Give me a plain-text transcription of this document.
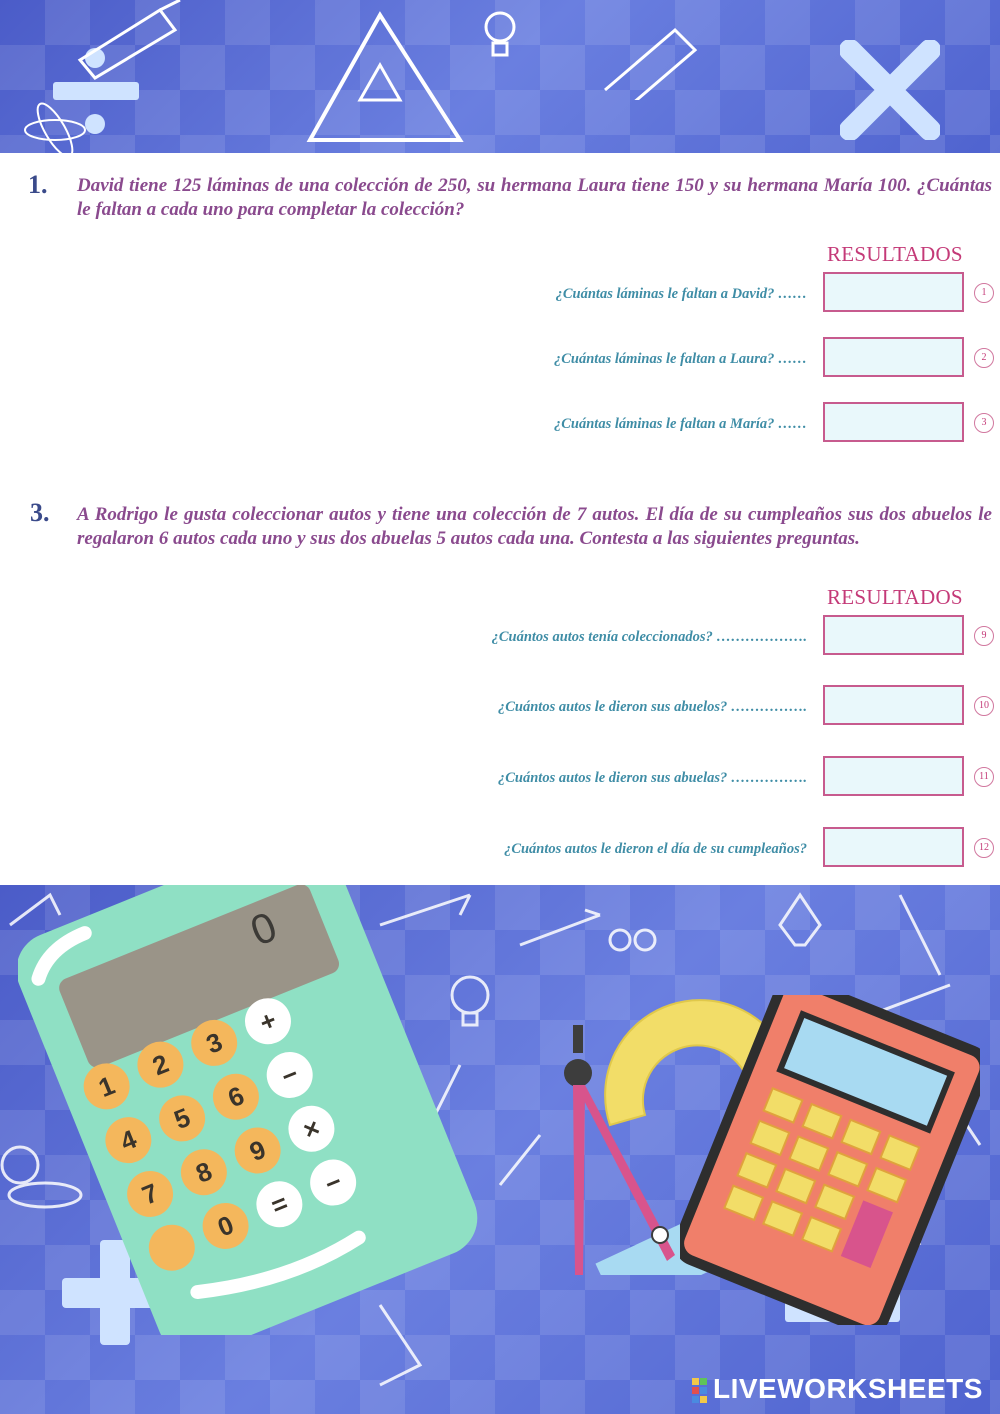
1. David tiene 125 láminas de una colección de 250, su hermana Laura tiene 150 y su hermana María 100. ¿Cuántas le faltan a cada uno para completar la colección?
RESULTADOS
¿Cuántas láminas le faltan a David? ……	1
¿Cuántas láminas le faltan a Laura? ……	2
¿Cuántas láminas le faltan a María? ……	3
3. A Rodrigo le gusta coleccionar autos y tiene una colección de 7 autos. El día de su cumpleaños sus dos abuelos le regalaron 6 autos cada uno y sus dos abuelas 5 autos cada una. Contesta a las siguientes preguntas.
RESULTADOS
¿Cuántos autos tenía coleccionados? ……………….	9
¿Cuántos autos le dieron sus abuelos? …………….	10
¿Cuántos autos le dieron sus abuelas? …………….	11
¿Cuántos autos le dieron el día de su cumpleaños?	12
0
1
2
3
+
4
5
6
−
7
8
9
×
0
=
−
LIVEWORKSHEETS
